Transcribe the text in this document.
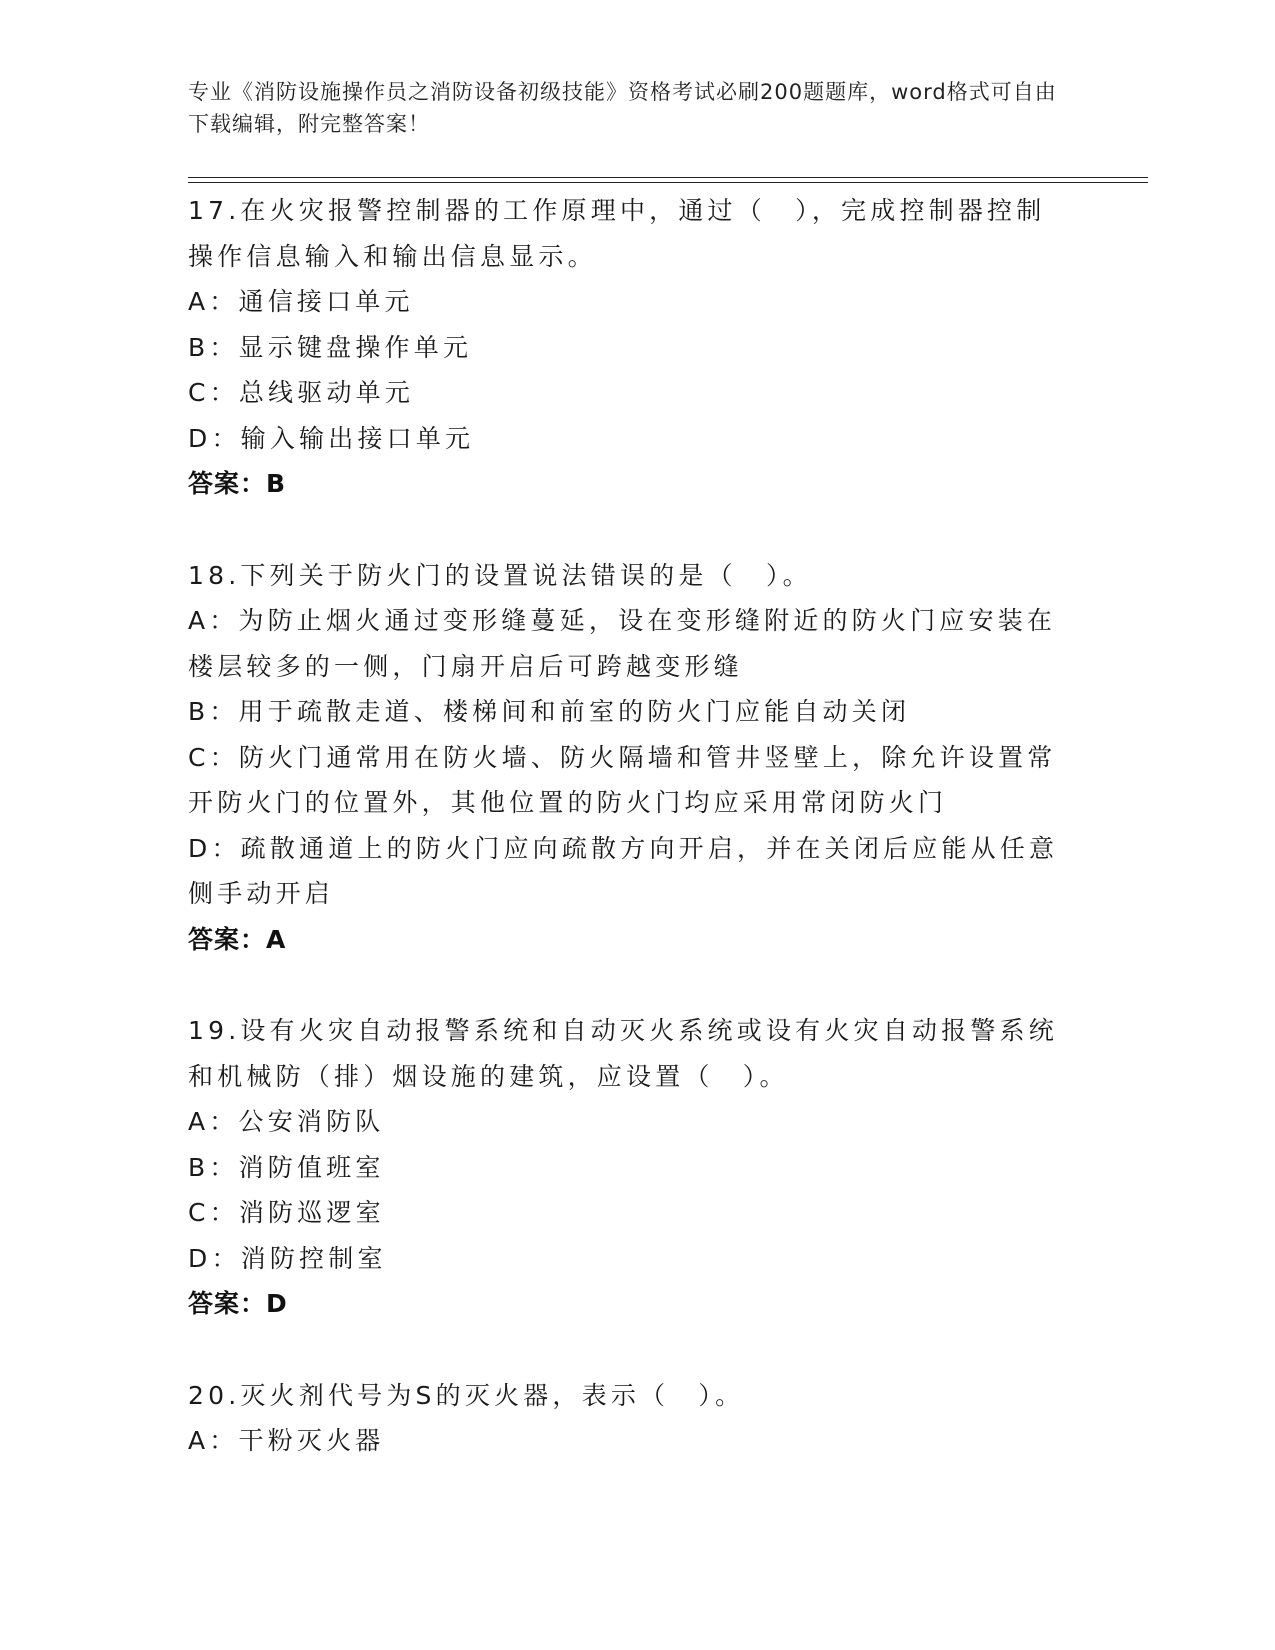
专业《消防设施操作员之消防设备初级技能》资格考试必刷200题题库，word格式可自由下载编辑，附完整答案！
17.在火灾报警控制器的工作原理中，通过（　），完成控制器控制操作信息输入和输出信息显示。
A：通信接口单元
B：显示键盘操作单元
C：总线驱动单元
D：输入输出接口单元
答案：B
18.下列关于防火门的设置说法错误的是（　）。
A：为防止烟火通过变形缝蔓延，设在变形缝附近的防火门应安装在楼层较多的一侧，门扇开启后可跨越变形缝
B：用于疏散走道、楼梯间和前室的防火门应能自动关闭
C：防火门通常用在防火墙、防火隔墙和管井竖壁上，除允许设置常开防火门的位置外，其他位置的防火门均应采用常闭防火门
D：疏散通道上的防火门应向疏散方向开启，并在关闭后应能从任意侧手动开启
答案：A
19.设有火灾自动报警系统和自动灭火系统或设有火灾自动报警系统和机械防（排）烟设施的建筑，应设置（　）。
A：公安消防队
B：消防值班室
C：消防巡逻室
D：消防控制室
答案：D
20.灭火剂代号为S的灭火器，表示（　）。
A：干粉灭火器
